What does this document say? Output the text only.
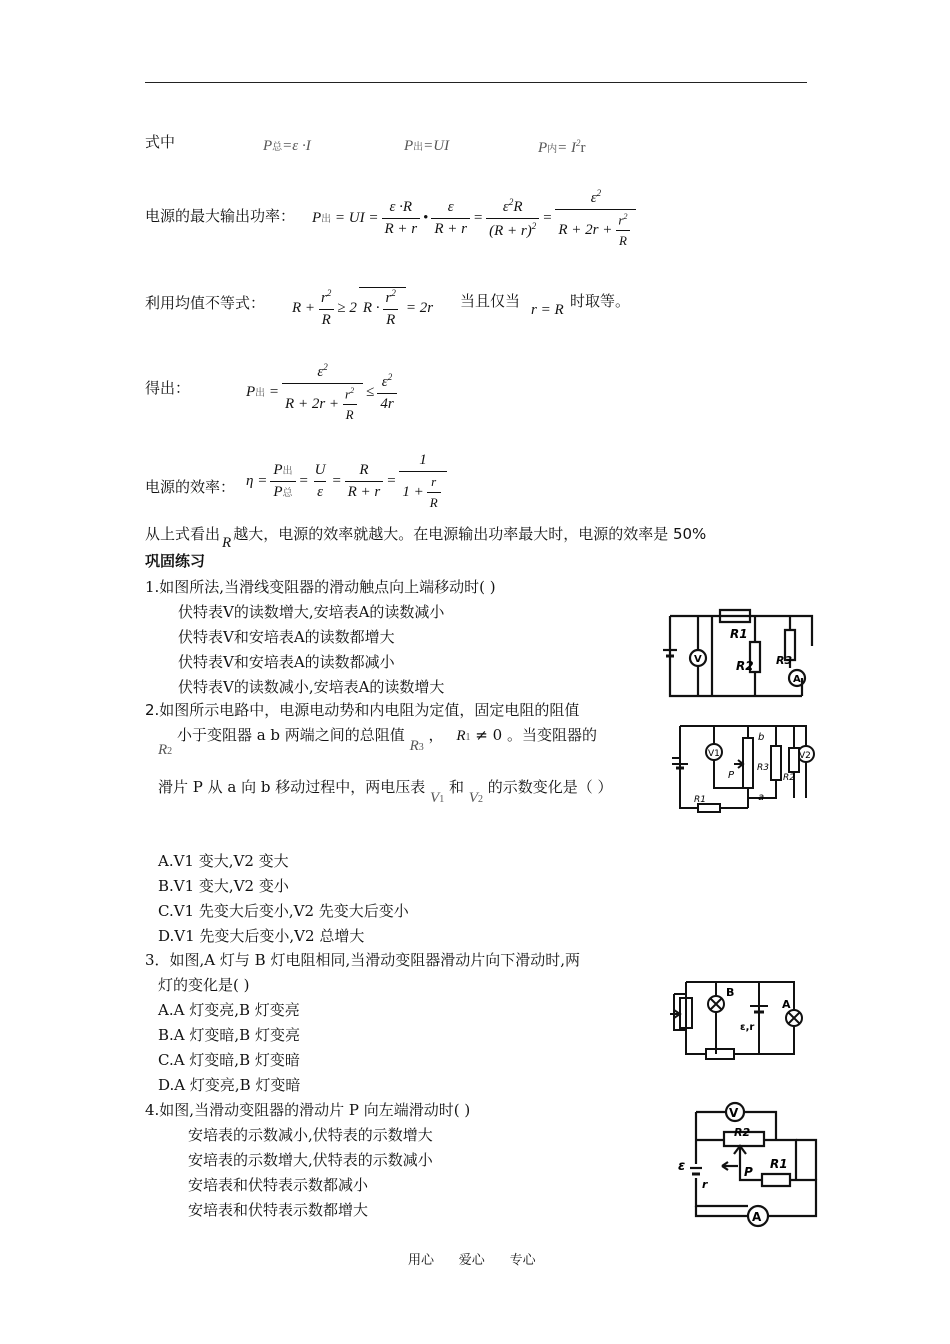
式中	P总=ε ·I	P出=UI	P内= $I^2r$
电源的最大输出功率： P出 = UI = $\frac{\varepsilon \cdot R}{R + r}$ • $\frac{\varepsilon}{R + r} = \frac{\varepsilon^2R}{(R + r)^2} = \frac{\varepsilon^2}{R + 2r + \frac{r^2}{R}}$
利用均值不等式： $R + \frac{r^2}{R} \ge 2$ $R \cdot \frac{r^2}{R} = 2r$ 当且仅当 r = R 时取等。
得出：	P出 = $\frac{\varepsilon^2}{R + 2r + \frac{r^2}{R}} \le \frac{\varepsilon^2}{4r}$
电源的效率： $\eta = \frac{\text{P出}}{\text{P总}} = \frac{U}{\varepsilon} = \frac{R}{R + r} = \frac{1}{1 + \frac{r}{R}}$
从上式看出 R 越大，电源的效率就越大。在电源输出功率最大时，电源的效率是 50%
巩固练习
1.如图所法,当滑线变阻器的滑动触点向上端移动时( )
伏特表V的读数增大,安培表A的读数减小
伏特表V和安培表A的读数都增大
伏特表V和安培表A的读数都减小
伏特表V的读数减小,安培表A的读数增大
R1
V	R2 R3
A
2.如图所示电路中，电源电动势和内电阻为定值，固定电阻的阻值
R2 小于变阻器 a b 两端之间的总阻值 R3 ， R1 ≠ 0 。当变阻器的
滑片 P 从 a 向 b 移动过程中，两电压表 V1 和 V2 的示数变化是（ ）
A.V1 变大,V2 变大
B.V1 变大,V2 变小
C.V1 先变大后变小,V2 先变大后变小
D.V1 先变大后变小,V2 总增大
V1
P
R3
b
a
R2
V2
R1
3．如图,A 灯与 B 灯电阻相同,当滑动变阻器滑动片向下滑动时,两
灯的变化是( )
A.A 灯变亮,B 灯变亮
B.A 灯变暗,B 灯变亮
C.A 灯变暗,B 灯变暗
D.A 灯变亮,B 灯变暗
B
A
ε,r
4.如图,当滑动变阻器的滑动片 P 向左端滑动时( )
安培表的示数减小,伏特表的示数增大
安培表的示数增大,伏特表的示数减小
安培表和伏特表示数都减小
安培表和伏特表示数都增大
V
R2
ε	P
R1
r
A
用心      爱心      专心
